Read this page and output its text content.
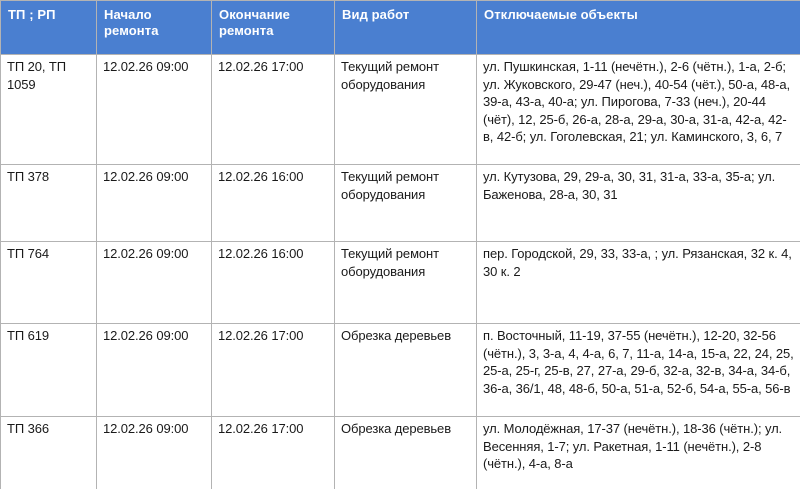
ТП ; РП	Начало ремонта	Окончание ремонта	Вид работ	Отключаемые объекты
ТП 20, ТП 1059	12.02.26 09:00	12.02.26 17:00	Текущий ремонт оборудования	ул. Пушкинская, 1-11 (нечётн.), 2-6 (чётн.), 1-а, 2-б; ул. Жуковского, 29-47 (неч.), 40-54 (чёт.), 50-а, 48-а, 39-а, 43-а, 40-а; ул. Пирогова, 7-33 (неч.), 20-44 (чёт), 12, 25-б, 26-а, 28-а, 29-а, 30-а, 31-а, 42-а, 42-в, 42-б; ул. Гоголевская, 21; ул. Каминского, 3, 6, 7
ТП 378	12.02.26 09:00	12.02.26 16:00	Текущий ремонт оборудования	ул. Кутузова, 29, 29-а, 30, 31, 31-а, 33-а, 35-а; ул. Баженова, 28-а, 30, 31
ТП 764	12.02.26 09:00	12.02.26 16:00	Текущий ремонт оборудования	пер. Городской, 29, 33, 33-а, ; ул. Рязанская, 32 к. 4, 30 к. 2
ТП 619	12.02.26 09:00	12.02.26 17:00	Обрезка деревьев	п. Восточный, 11-19, 37-55 (нечётн.), 12-20, 32-56 (чётн.), 3, 3-а, 4, 4-а, 6, 7, 11-а, 14-а, 15-а, 22, 24, 25, 25-а, 25-г, 25-в, 27, 27-а, 29-б, 32-а, 32-в, 34-а, 34-б, 36-а, 36/1, 48, 48-б, 50-а, 51-а, 52-б, 54-а, 55-а, 56-в
ТП 366	12.02.26 09:00	12.02.26 17:00	Обрезка деревьев	ул. Молодёжная, 17-37 (нечётн.), 18-36 (чётн.); ул. Весенняя, 1-7; ул. Ракетная, 1-11 (нечётн.), 2-8 (чётн.), 4-а, 8-а
